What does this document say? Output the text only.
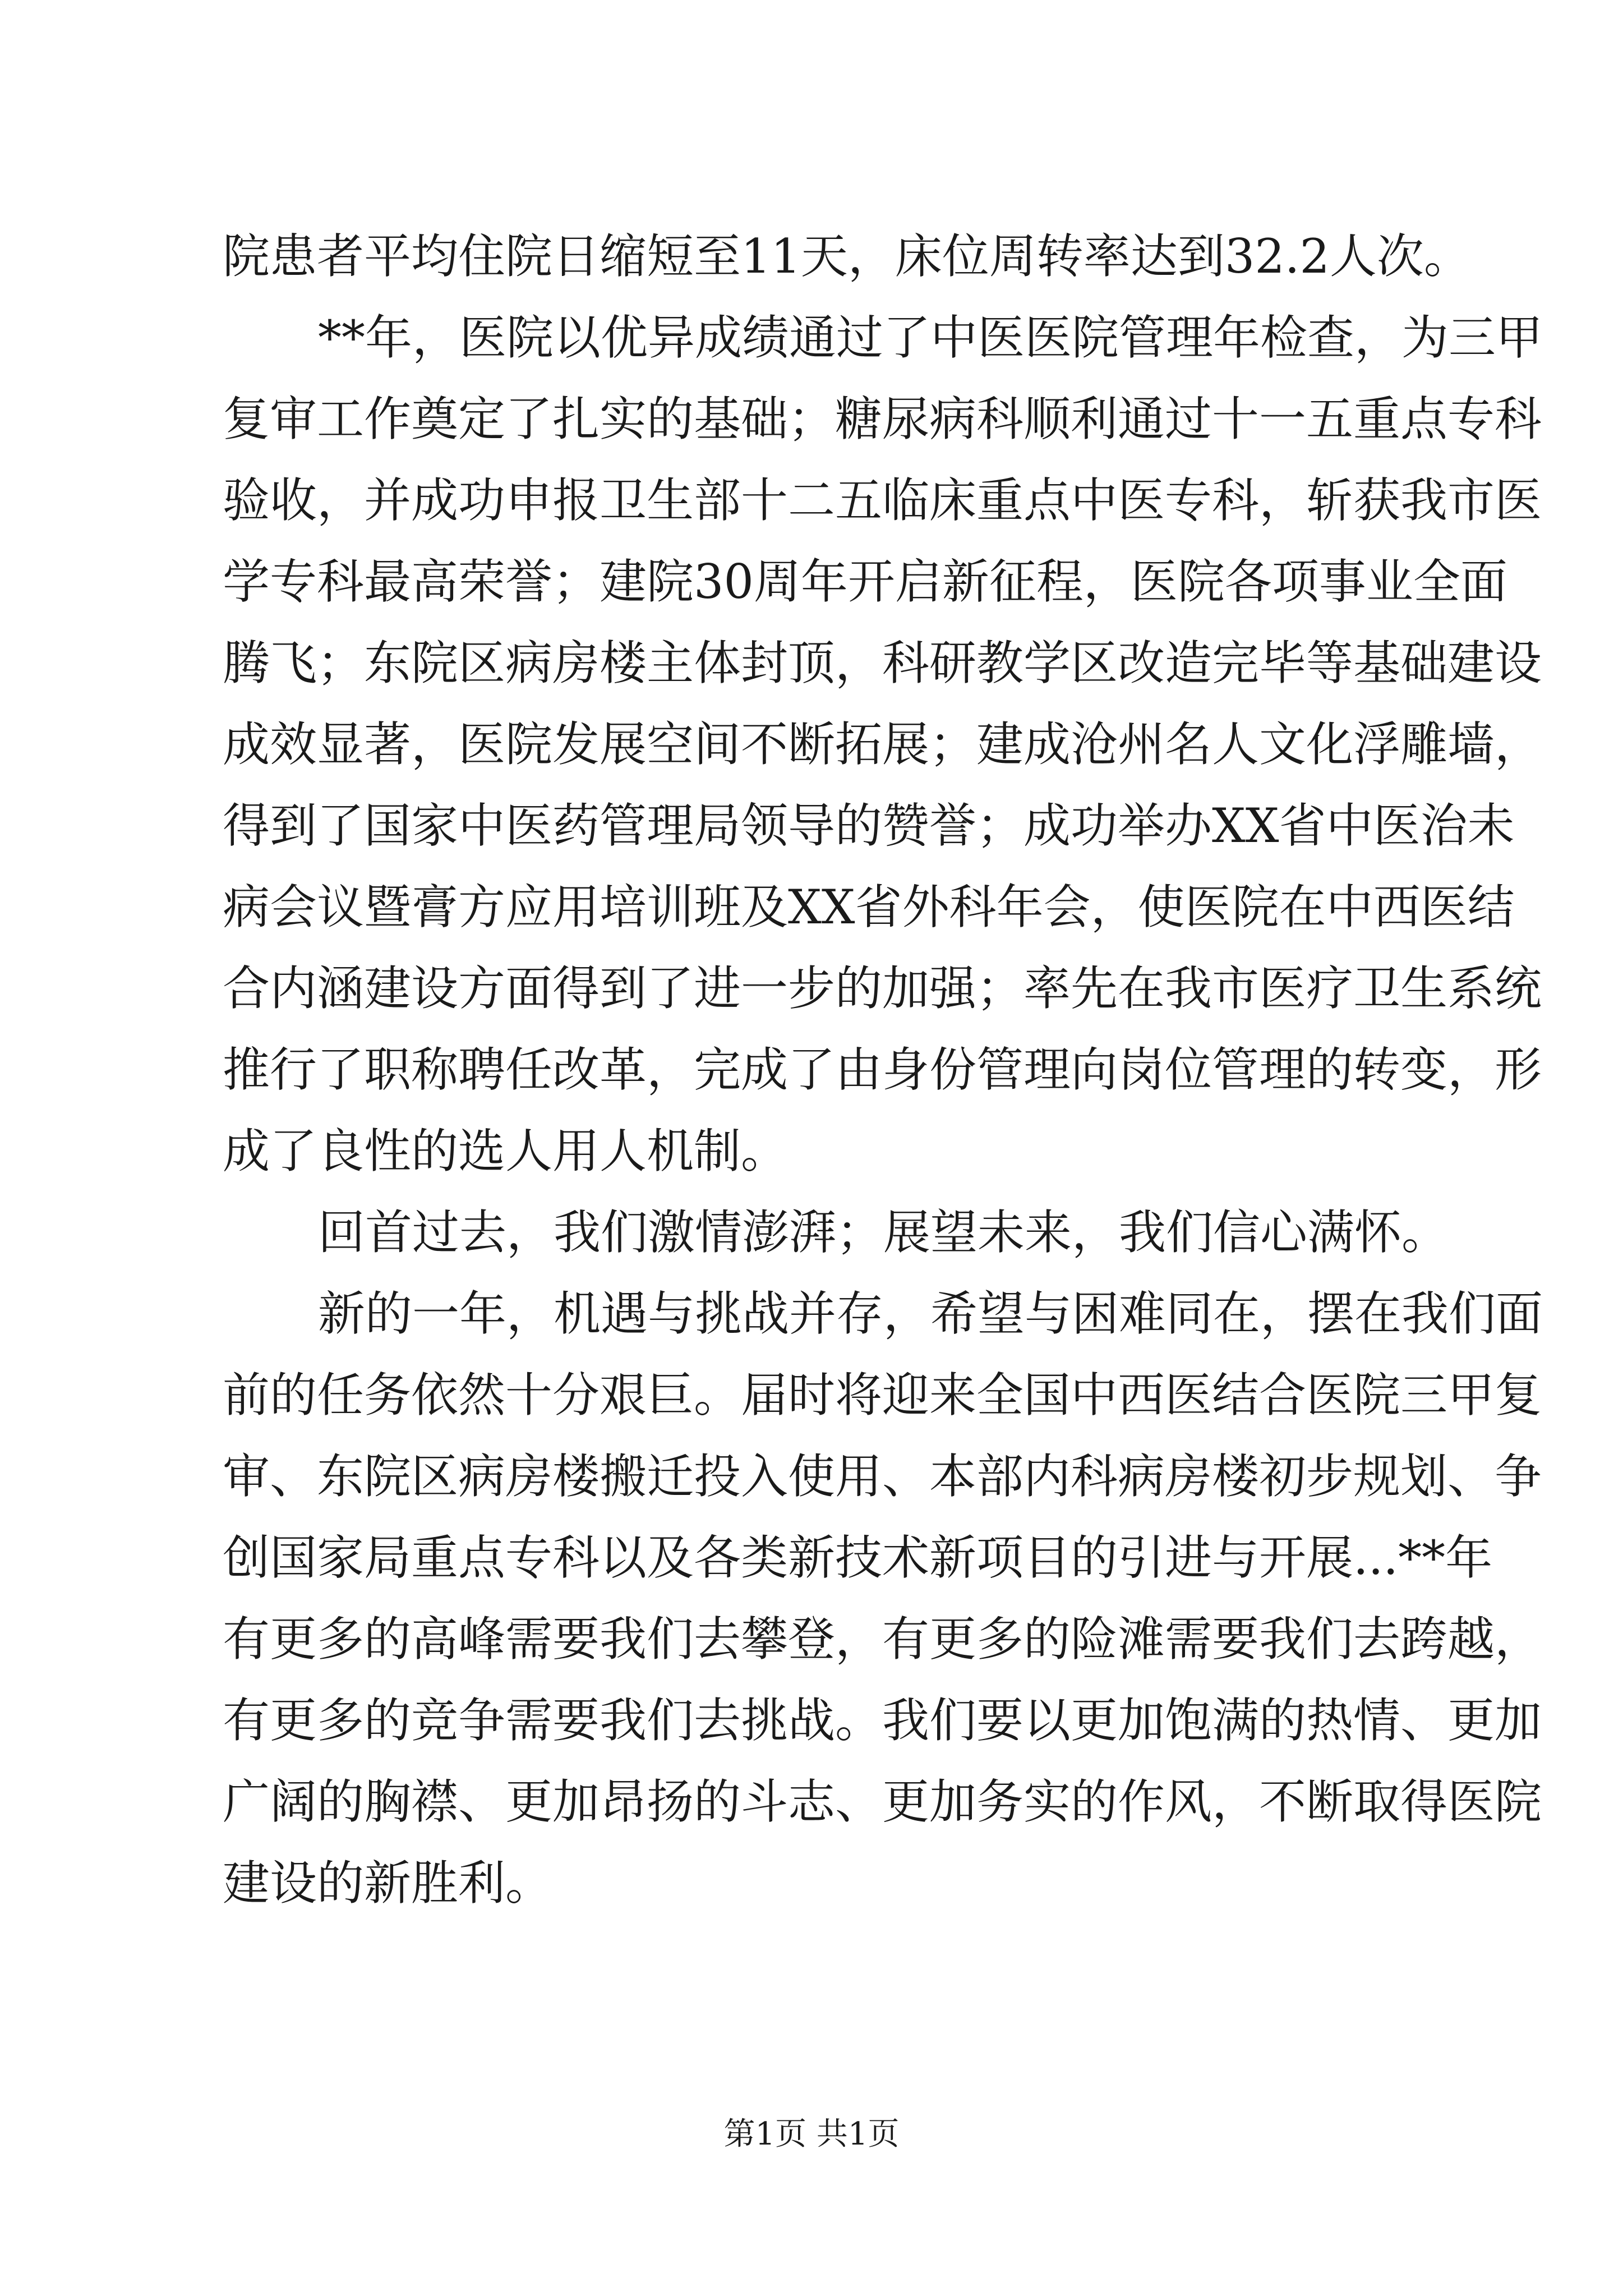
院患者平均住院日缩短至11天，床位周转率达到32.2人次。
**年，医院以优异成绩通过了中医医院管理年检查，为三甲
复审工作奠定了扎实的基础；糖尿病科顺利通过十一五重点专科
验收，并成功申报卫生部十二五临床重点中医专科，斩获我市医
学专科最高荣誉；建院30周年开启新征程，医院各项事业全面
腾飞；东院区病房楼主体封顶，科研教学区改造完毕等基础建设
成效显著，医院发展空间不断拓展；建成沧州名人文化浮雕墙，
得到了国家中医药管理局领导的赞誉；成功举办XX省中医治未
病会议暨膏方应用培训班及XX省外科年会，使医院在中西医结
合内涵建设方面得到了进一步的加强；率先在我市医疗卫生系统
推行了职称聘任改革，完成了由身份管理向岗位管理的转变，形
成了良性的选人用人机制。
回首过去，我们激情澎湃；展望未来，我们信心满怀。
新的一年，机遇与挑战并存，希望与困难同在，摆在我们面
前的任务依然十分艰巨。届时将迎来全国中西医结合医院三甲复
审、东院区病房楼搬迁投入使用、本部内科病房楼初步规划、争
创国家局重点专科以及各类新技术新项目的引进与开展...**年
有更多的高峰需要我们去攀登，有更多的险滩需要我们去跨越，
有更多的竞争需要我们去挑战。我们要以更加饱满的热情、更加
广阔的胸襟、更加昂扬的斗志、更加务实的作风，不断取得医院
建设的新胜利。
第1页 共1页
